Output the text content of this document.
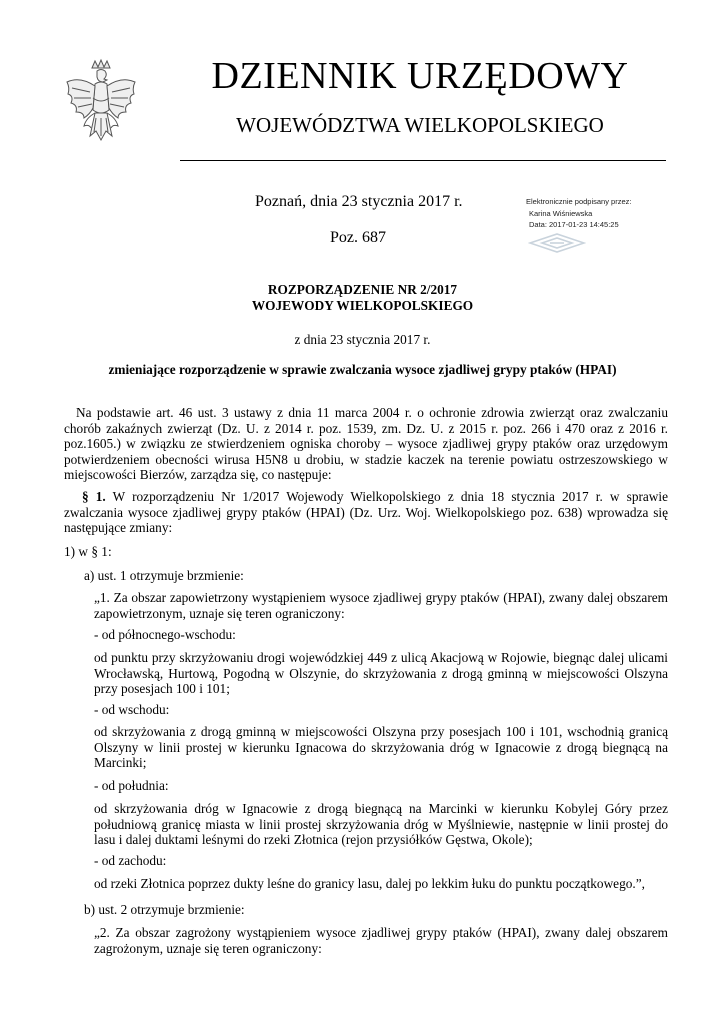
DZIENNIK URZĘDOWY
WOJEWÓDZTWA WIELKOPOLSKIEGO
Poznań, dnia 23 stycznia 2017 r.
Poz. 687
Elektronicznie podpisany przez:
Karina Wiśniewska
Data: 2017-01-23 14:45:25
ROZPORZĄDZENIE NR 2/2017
WOJEWODY WIELKOPOLSKIEGO
z dnia 23 stycznia 2017 r.
zmieniające rozporządzenie w sprawie zwalczania wysoce zjadliwej grypy ptaków (HPAI)
Na podstawie art. 46 ust. 3 ustawy z dnia 11 marca 2004 r. o ochronie zdrowia zwierząt oraz zwalczaniu chorób zakaźnych zwierząt (Dz. U. z 2014 r. poz. 1539, zm. Dz. U. z 2015 r. poz. 266 i 470 oraz z 2016 r. poz.1605.) w związku ze stwierdzeniem ogniska choroby – wysoce zjadliwej grypy ptaków oraz urzędowym potwierdzeniem obecności wirusa H5N8 u drobiu, w stadzie kaczek na terenie powiatu ostrzeszowskiego w miejscowości Bierzów, zarządza się, co następuje:
§ 1. W rozporządzeniu Nr 1/2017 Wojewody Wielkopolskiego z dnia 18 stycznia 2017 r. w sprawie zwalczania wysoce zjadliwej grypy ptaków (HPAI) (Dz. Urz. Woj. Wielkopolskiego poz. 638) wprowadza się następujące zmiany:
1) w § 1:
a) ust. 1 otrzymuje brzmienie:
„1. Za obszar zapowietrzony wystąpieniem wysoce zjadliwej grypy ptaków (HPAI), zwany dalej obszarem zapowietrzonym, uznaje się teren ograniczony:
- od północnego-wschodu:
od punktu przy skrzyżowaniu drogi wojewódzkiej 449 z ulicą Akacjową w Rojowie, biegnąc dalej ulicami Wrocławską, Hurtową, Pogodną w Olszynie, do skrzyżowania z drogą gminną w miejscowości Olszyna przy posesjach 100 i 101;
- od wschodu:
od skrzyżowania z drogą gminną w miejscowości Olszyna przy posesjach 100 i 101, wschodnią granicą Olszyny w linii prostej w kierunku Ignacowa do skrzyżowania dróg w Ignacowie z drogą biegnącą na Marcinki;
- od południa:
od skrzyżowania dróg w Ignacowie z drogą biegnącą na Marcinki w kierunku Kobylej Góry przez południową granicę miasta w linii prostej skrzyżowania dróg w Myślniewie, następnie w linii prostej do lasu i dalej duktami leśnymi do rzeki Złotnica (rejon przysiółków Gęstwa, Okole);
- od zachodu:
od rzeki Złotnica poprzez dukty leśne do granicy lasu, dalej po lekkim łuku do punktu początkowego.”,
b) ust. 2 otrzymuje brzmienie:
„2. Za obszar zagrożony wystąpieniem wysoce zjadliwej grypy ptaków (HPAI), zwany dalej obszarem zagrożonym, uznaje się teren ograniczony:
